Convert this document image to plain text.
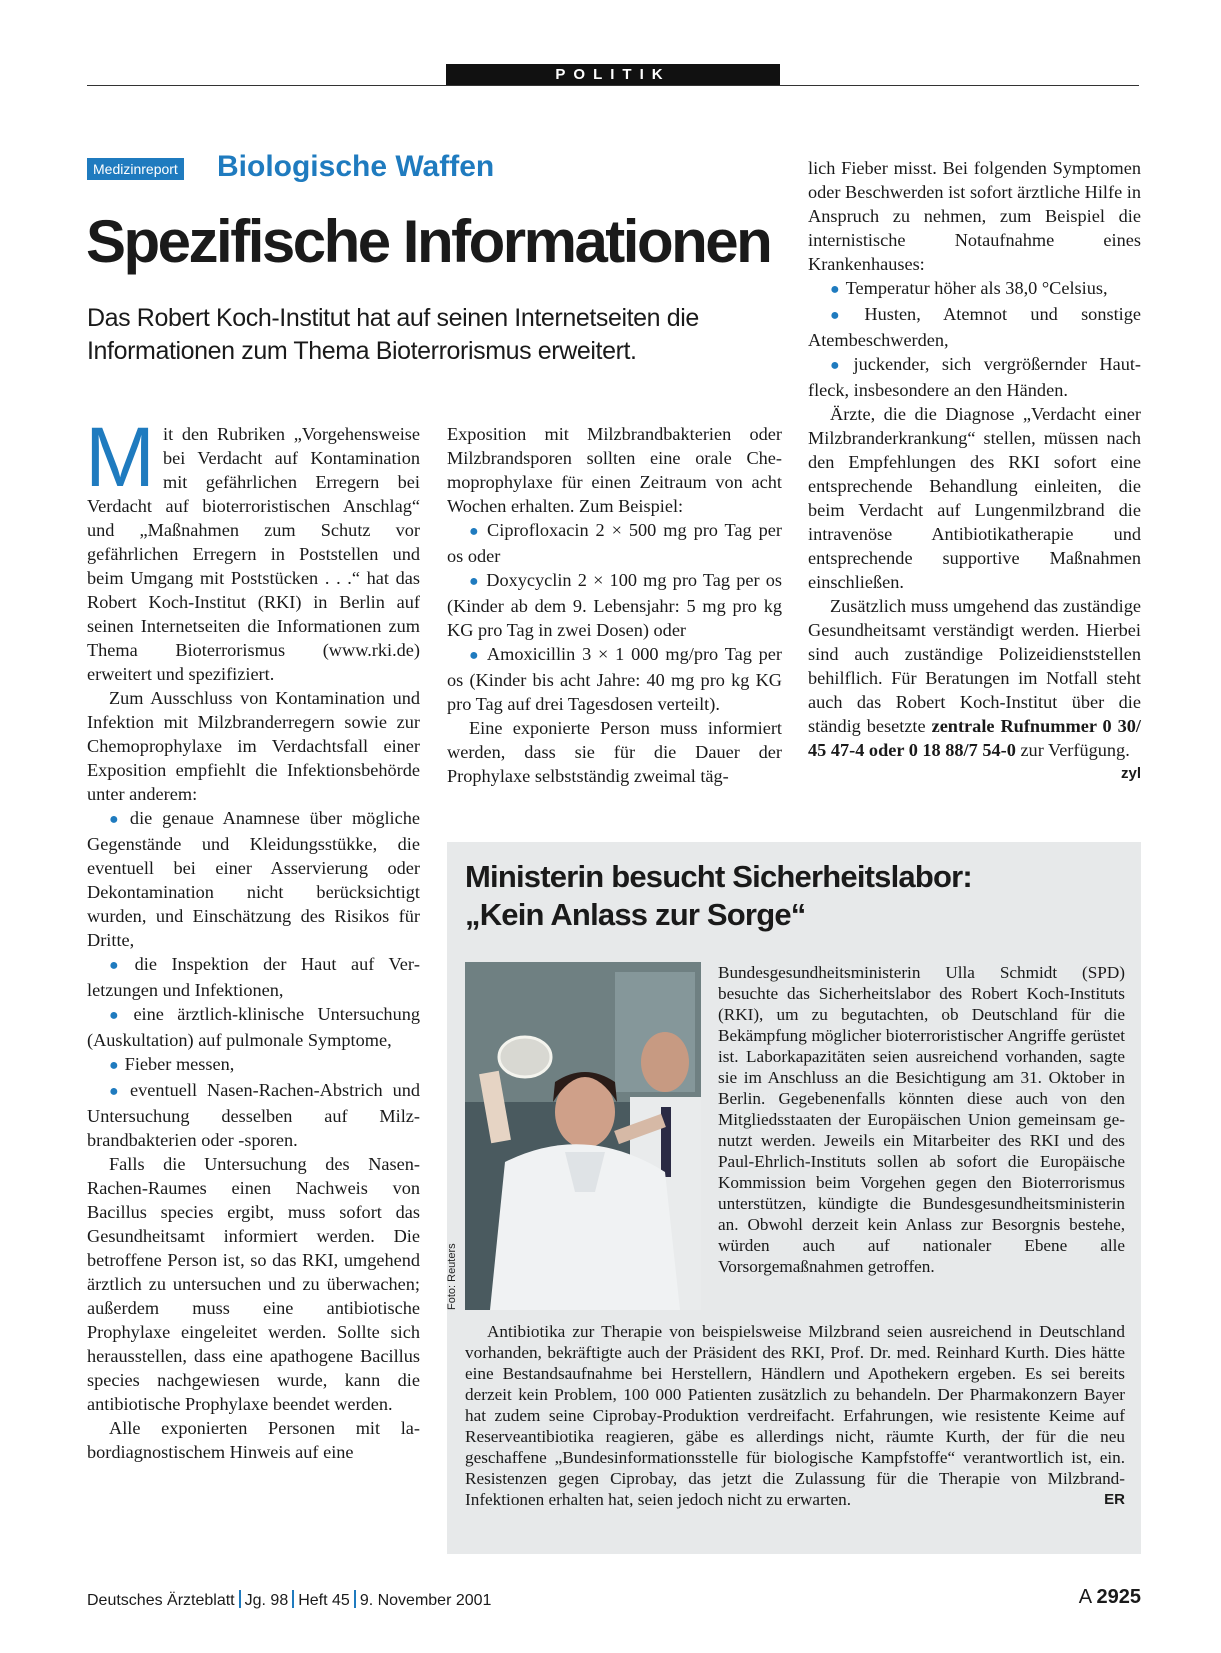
POLITIK
Medizinreport Biologische Waffen
Spezifische Informationen
Das Robert Koch-Institut hat auf seinen Internetseiten die
Informationen zum Thema Bioterrorismus erweitert.

Mit den Rubriken „Vorgehensweise bei Verdacht auf Kontamination mit gefährlichen Erregern bei Verdacht auf bioterroristischen Anschlag“ und „Maßnahmen zum Schutz vor gefährlichen Erregern in Poststellen und beim Umgang mit Poststücken . . .“ hat das Robert Koch-Institut (RKI) in Berlin auf seinen Internetseiten die Informationen zum Thema Bioterrorismus (www.rki.de) erweitert und spezifiziert.

Zum Ausschluss von Kontamination und Infektion mit Milzbranderregern sowie zur Chemoprophylaxe im Verdachtsfall einer Exposition empfiehlt die Infektionsbehörde unter anderem:

● die genaue Anamnese über mögliche Gegenstände und Kleidungsstükke, die eventuell bei einer Asservierung oder Dekontamination nicht berücksichtigt wurden, und Einschätzung des Risikos für Dritte,

● die Inspektion der Haut auf Verletzungen und Infektionen,

● eine ärztlich-klinische Untersuchung (Auskultation) auf pulmonale Symptome,

● Fieber messen,

● eventuell Nasen-Rachen-Abstrich und Untersuchung desselben auf Milzbrandbakterien oder -sporen.

Falls die Untersuchung des Nasen-Rachen-Raumes einen Nachweis von Bacillus species ergibt, muss sofort das Gesundheitsamt informiert werden. Die betroffene Person ist, so das RKI, umgehend ärztlich zu untersuchen und zu überwachen; außerdem muss eine antibiotische Prophylaxe eingeleitet werden. Sollte sich herausstellen, dass eine apathogene Bacillus species nachgewiesen wurde, kann die antibiotische Prophylaxe beendet werden.

Alle exponierten Personen mit labordiagnostischem Hinweis auf eine

Exposition mit Milzbrandbakterien oder Milzbrandsporen sollten eine orale Chemoprophylaxe für einen Zeitraum von acht Wochen erhalten. Zum Beispiel:

● Ciprofloxacin 2 × 500 mg pro Tag per os oder

● Doxycyclin 2 × 100 mg pro Tag per os (Kinder ab dem 9. Lebensjahr: 5 mg pro kg KG pro Tag in zwei Dosen) oder

● Amoxicillin 3 × 1 000 mg/pro Tag per os (Kinder bis acht Jahre: 40 mg pro kg KG pro Tag auf drei Tagesdosen verteilt).

Eine exponierte Person muss informiert werden, dass sie für die Dauer der Prophylaxe selbstständig zweimal täg-

lich Fieber misst. Bei folgenden Symptomen oder Beschwerden ist sofort ärztliche Hilfe in Anspruch zu nehmen, zum Beispiel die internistische Notaufnahme eines Krankenhauses:

● Temperatur höher als 38,0 °Celsius,

● Husten, Atemnot und sonstige Atembeschwerden,

● juckender, sich vergrößernder Hautfleck, insbesondere an den Händen.

Ärzte, die die Diagnose „Verdacht einer Milzbranderkrankung“ stellen, müssen nach den Empfehlungen des RKI sofort eine entsprechende Behandlung einleiten, die beim Verdacht auf Lungenmilzbrand die intravenöse Antibiotikatherapie und entsprechende supportive Maßnahmen einschließen.

Zusätzlich muss umgehend das zuständige Gesundheitsamt verständigt werden. Hierbei sind auch zuständige Polizeidienststellen behilflich. Für Beratungen im Notfall steht auch das Robert Koch-Institut über die ständig besetzte zentrale Rufnummer 0 30/ 45 47-4 oder 0 18 88/7 54-0 zur Verfügung.
zyl

Ministerin besucht Sicherheitslabor:
„Kein Anlass zur Sorge“
Foto: Reuters

Bundesgesundheitsministerin Ulla Schmidt (SPD) besuchte das Sicherheitslabor des Robert Koch-Instituts (RKI), um zu begutachten, ob Deutschland für die Bekämpfung möglicher bioterroristischer Angriffe gerüstet ist. Laborkapazitäten seien ausreichend vorhanden, sagte sie im Anschluss an die Besichtigung am 31. Oktober in Berlin. Gegebenenfalls könnten diese auch von den Mitgliedsstaaten der Europäischen Union gemeinsam genutzt werden. Jeweils ein Mitarbeiter des RKI und des Paul-Ehrlich-Instituts sollen ab sofort die Europäische Kommission beim Vorgehen gegen den Bioterrorismus unterstützen, kündigte die Bundesgesundheitsministerin an. Obwohl derzeit kein Anlass zur Besorgnis bestehe, würden auch auf nationaler Ebene alle Vorsorgemaßnahmen getroffen.

Antibiotika zur Therapie von beispielsweise Milzbrand seien ausreichend in Deutschland vorhanden, bekräftigte auch der Präsident des RKI, Prof. Dr. med. Reinhard Kurth. Dies hätte eine Bestandsaufnahme bei Herstellern, Händlern und Apothekern ergeben. Es sei bereits derzeit kein Problem, 100 000 Patienten zusätzlich zu behandeln. Der Pharmakonzern Bayer hat zudem seine Ciprobay-Produktion verdreifacht. Erfahrungen, wie resistente Keime auf Reserveantibiotika reagieren, gäbe es allerdings nicht, räumte Kurth, der für die neu geschaffene „Bundesinformationsstelle für biologische Kampfstoffe“ verantwortlich ist, ein. Resistenzen gegen Ciprobay, das jetzt die Zulassung für die Therapie von Milzbrand-Infektionen erhalten hat, seien jedoch nicht zu erwarten.	ER

Deutsches Ärzteblatt Jg. 98 Heft 45 9. November 2001	A 2925
